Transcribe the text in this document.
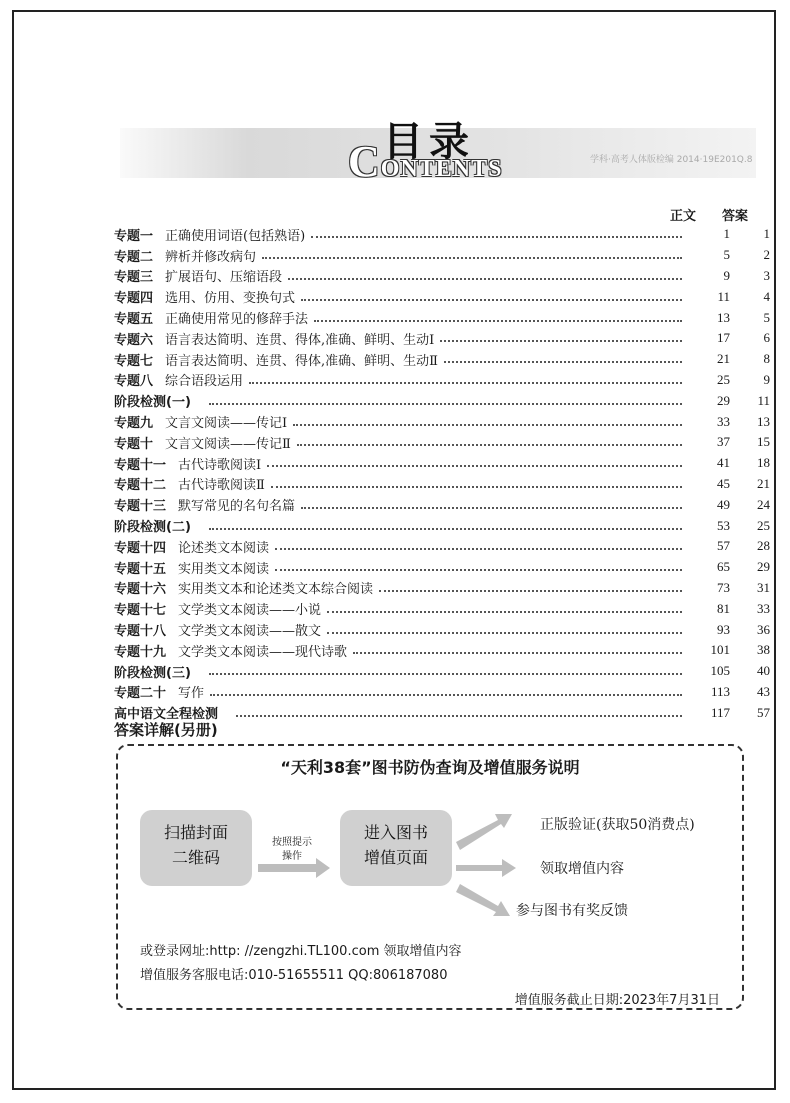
学科·高考人体版检编 2014·19E201Q.8
目录
CONTENTS
正文 答案
专题一 正确使用词语(包括熟语)	1	1
专题二 辨析并修改病句	5	2
专题三 扩展语句、压缩语段	9	3
专题四 选用、仿用、变换句式	11	4
专题五 正确使用常见的修辞手法	13	5
专题六 语言表达简明、连贯、得体,准确、鲜明、生动Ⅰ	17	6
专题七 语言表达简明、连贯、得体,准确、鲜明、生动Ⅱ	21	8
专题八 综合语段运用	25	9
阶段检测(一)	29	11
专题九 文言文阅读——传记Ⅰ	33	13
专题十 文言文阅读——传记Ⅱ	37	15
专题十一 古代诗歌阅读Ⅰ	41	18
专题十二 古代诗歌阅读Ⅱ	45	21
专题十三 默写常见的名句名篇	49	24
阶段检测(二)	53	25
专题十四 论述类文本阅读	57	28
专题十五 实用类文本阅读	65	29
专题十六 实用类文本和论述类文本综合阅读	73	31
专题十七 文学类文本阅读——小说	81	33
专题十八 文学类文本阅读——散文	93	36
专题十九 文学类文本阅读——现代诗歌	101	38
阶段检测(三)	105	40
专题二十 写作	113	43
高中语文全程检测	117	57
答案详解(另册)
“天利38套”图书防伪查询及增值服务说明
扫描封面
二维码
按照提示
操作
进入图书
增值页面
正版验证(获取50消费点)
领取增值内容
参与图书有奖反馈
或登录网址:http: //zengzhi.TL100.com 领取增值内容
增值服务客服电话:010-51655511 QQ:806187080
增值服务截止日期:2023年7月31日
